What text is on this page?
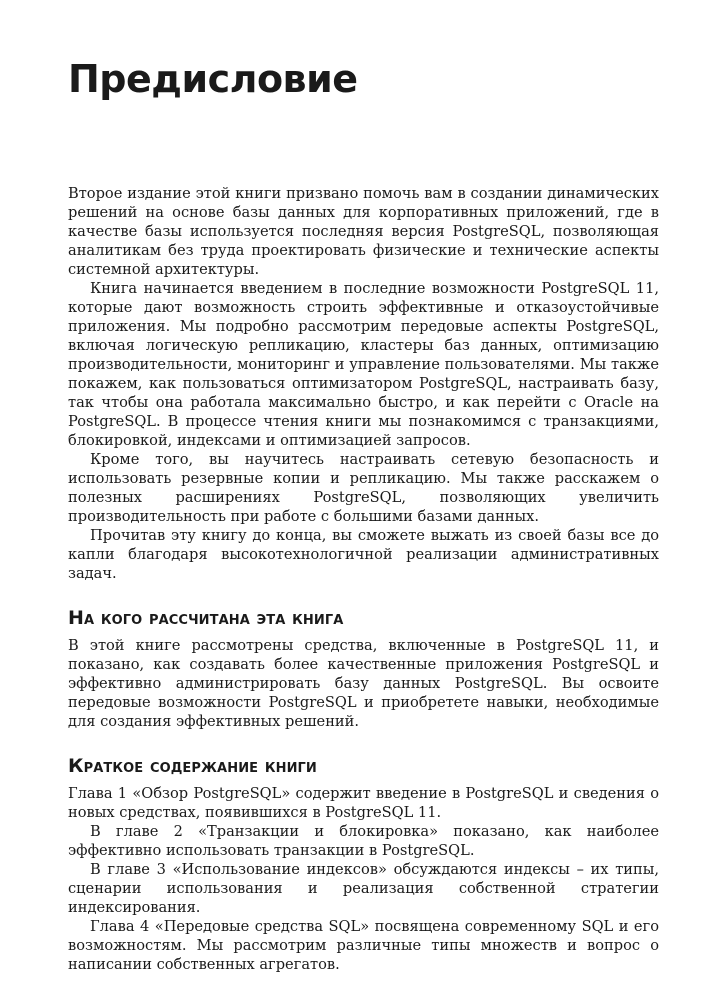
Предисловие

Второе издание этой книги призвано помочь вам в создании динамических решений на основе базы данных для корпоративных приложений, где в качестве базы используется последняя версия PostgreSQL, позволяющая аналитикам без труда проектировать физические и технические аспекты системной архитектуры.

Книга начинается введением в последние возможности PostgreSQL 11, которые дают возможность строить эффективные и отказоустойчивые приложения. Мы подробно рассмотрим передовые аспекты PostgreSQL, включая логическую репликацию, кластеры баз данных, оптимизацию производительности, мониторинг и управление пользователями. Мы также покажем, как пользоваться оптимизатором PostgreSQL, настраивать базу, так чтобы она работала максимально быстро, и как перейти с Oracle на PostgreSQL. В процессе чтения книги мы познакомимся с транзакциями, блокировкой, индексами и оптимизацией запросов.

Кроме того, вы научитесь настраивать сетевую безопасность и использовать резервные копии и репликацию. Мы также расскажем о полезных расширениях PostgreSQL, позволяющих увеличить производительность при работе с большими базами данных.

Прочитав эту книгу до конца, вы сможете выжать из своей базы все до капли благодаря высокотехнологичной реализации административных задач.

На кого рассчитана эта книга

В этой книге рассмотрены средства, включенные в PostgreSQL 11, и показано, как создавать более качественные приложения PostgreSQL и эффективно администрировать базу данных PostgreSQL. Вы освоите передовые возможности PostgreSQL и приобретете навыки, необходимые для создания эффективных решений.

Краткое содержание книги

Глава 1 «Обзор PostgreSQL» содержит введение в PostgreSQL и сведения о новых средствах, появившихся в PostgreSQL 11.

В главе 2 «Транзакции и блокировка» показано, как наиболее эффективно использовать транзакции в PostgreSQL.

В главе 3 «Использование индексов» обсуждаются индексы – их типы, сценарии использования и реализация собственной стратегии индексирования.

Глава 4 «Передовые средства SQL» посвящена современному SQL и его возможностям. Мы рассмотрим различные типы множеств и вопрос о написании собственных агрегатов.
